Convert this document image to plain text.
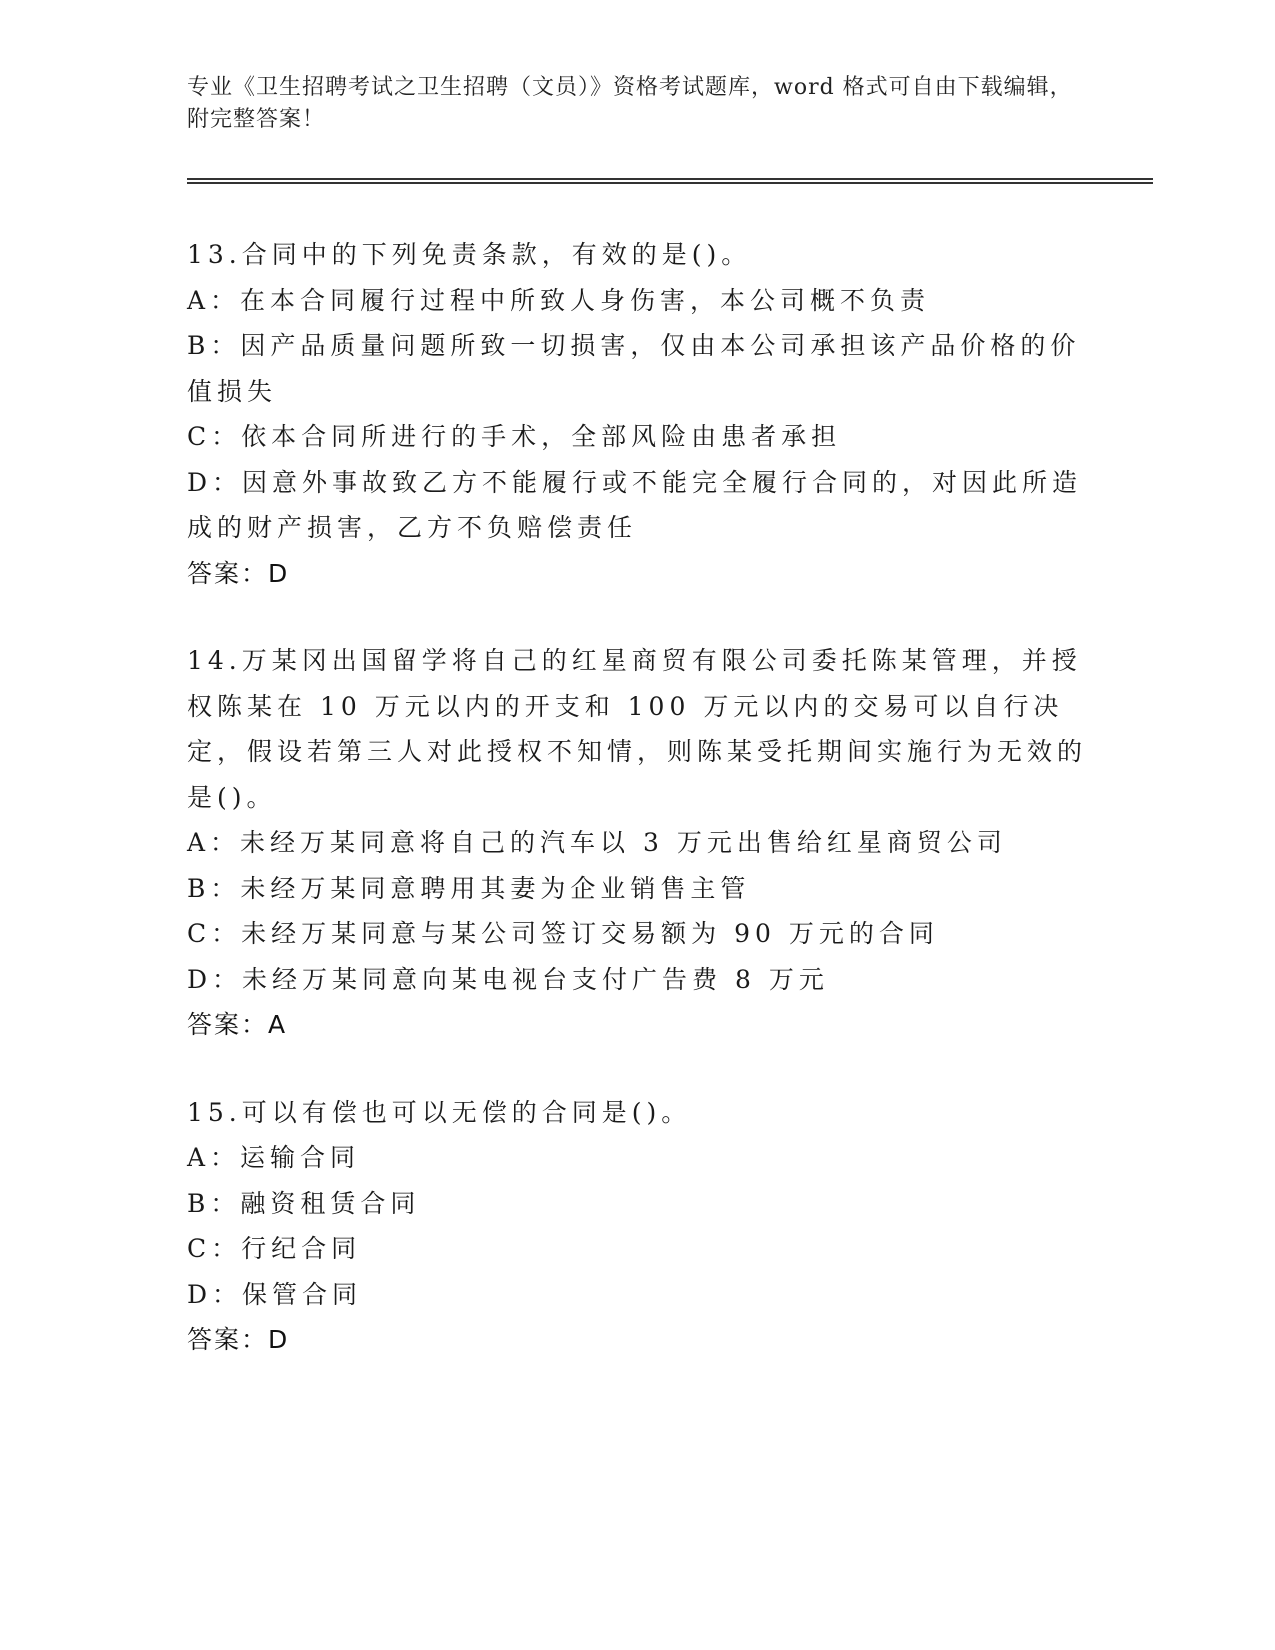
专业《卫生招聘考试之卫生招聘（文员）》资格考试题库，word 格式可自由下载编辑，附完整答案！
13.合同中的下列免责条款，有效的是()。
A：在本合同履行过程中所致人身伤害，本公司概不负责
B：因产品质量问题所致一切损害，仅由本公司承担该产品价格的价值损失
C：依本合同所进行的手术，全部风险由患者承担
D：因意外事故致乙方不能履行或不能完全履行合同的，对因此所造成的财产损害，乙方不负赔偿责任
答案：D
14.万某冈出国留学将自己的红星商贸有限公司委托陈某管理，并授权陈某在 10 万元以内的开支和 100 万元以内的交易可以自行决定，假设若第三人对此授权不知情，则陈某受托期间实施行为无效的是()。
A：未经万某同意将自己的汽车以 3 万元出售给红星商贸公司
B：未经万某同意聘用其妻为企业销售主管
C：未经万某同意与某公司签订交易额为 90 万元的合同
D：未经万某同意向某电视台支付广告费 8 万元
答案：A
15.可以有偿也可以无偿的合同是()。
A：运输合同
B：融资租赁合同
C：行纪合同
D：保管合同
答案：D
